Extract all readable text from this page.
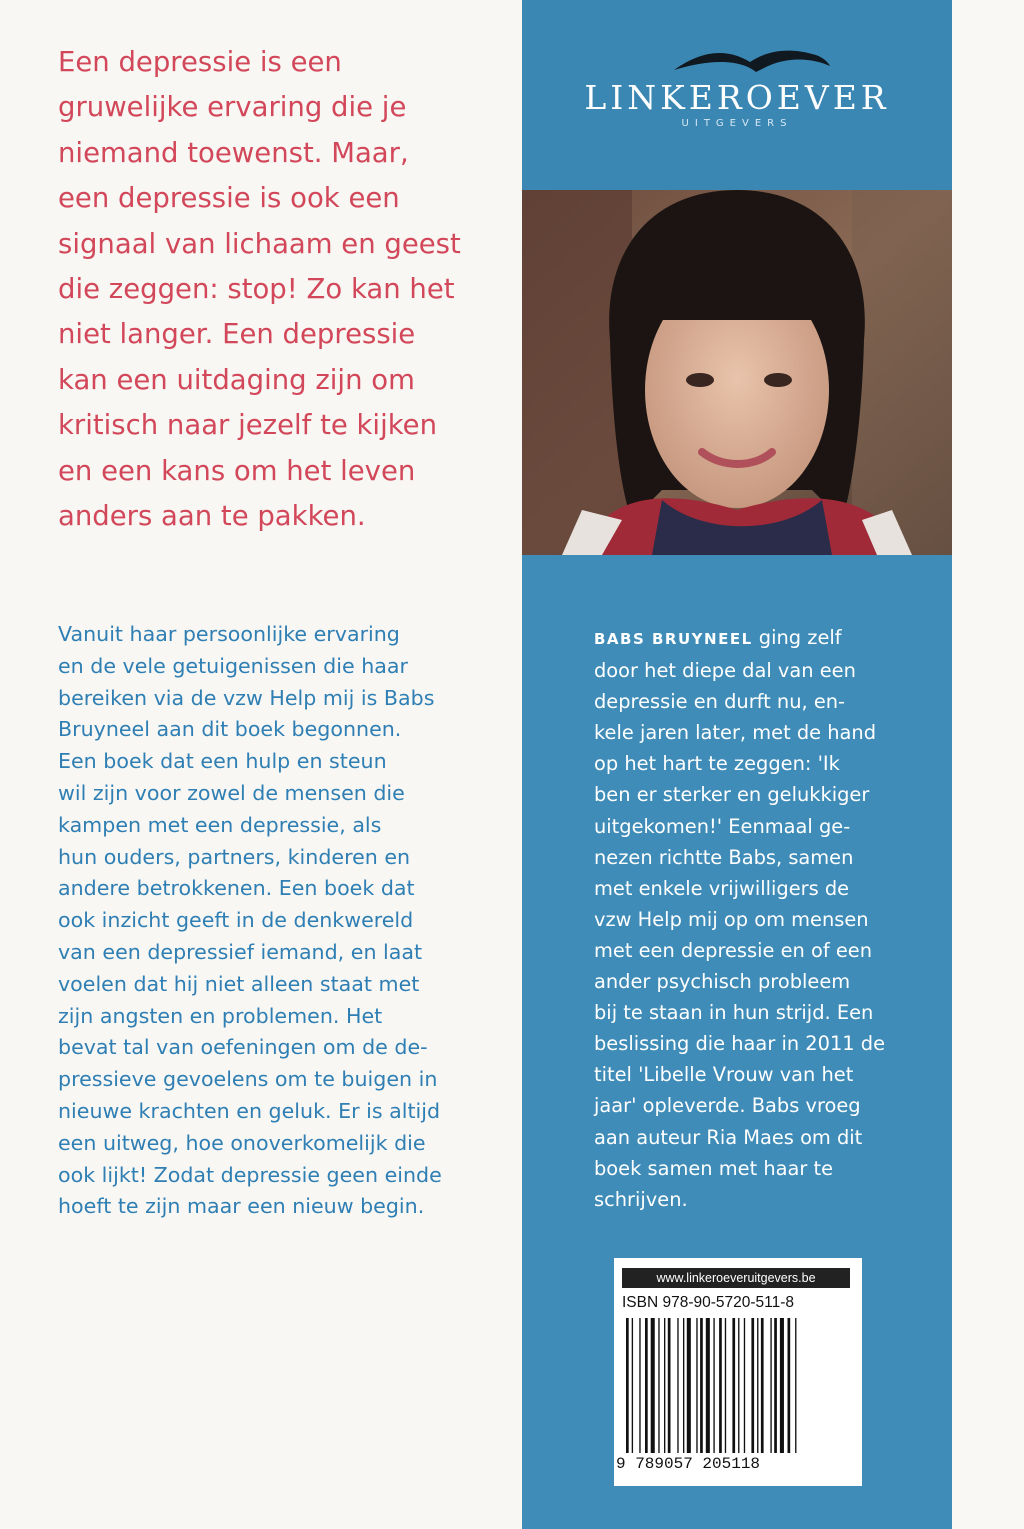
Een depressie is een
gruwelijke ervaring die je
niemand toewenst. Maar,
een depressie is ook een
signaal van lichaam en geest
die zeggen: stop! Zo kan het
niet langer. Een depressie
kan een uitdaging zijn om
kritisch naar jezelf te kijken
en een kans om het leven
anders aan te pakken.

Vanuit haar persoonlijke ervaring
en de vele getuigenissen die haar
bereiken via de vzw Help mij is Babs
Bruyneel aan dit boek begonnen.
Een boek dat een hulp en steun
wil zijn voor zowel de mensen die
kampen met een depressie, als
hun ouders, partners, kinderen en
andere betrokkenen. Een boek dat
ook inzicht geeft in de denkwereld
van een depressief iemand, en laat
voelen dat hij niet alleen staat met
zijn angsten en problemen. Het
bevat tal van oefeningen om de de-
pressieve gevoelens om te buigen in
nieuwe krachten en geluk. Er is altijd
een uitweg, hoe onoverkomelijk die
ook lijkt! Zodat depressie geen einde
hoeft te zijn maar een nieuw begin.

LINKEROEVER
UITGEVERS

BABS BRUYNEEL ging zelf
door het diepe dal van een
depressie en durft nu, en-
kele jaren later, met de hand
op het hart te zeggen: 'Ik
ben er sterker en gelukkiger
uitgekomen!' Eenmaal ge-
nezen richtte Babs, samen
met enkele vrijwilligers de
vzw Help mij op om mensen
met een depressie en of een
ander psychisch probleem
bij te staan in hun strijd. Een
beslissing die haar in 2011 de
titel 'Libelle Vrouw van het
jaar' opleverde. Babs vroeg
aan auteur Ria Maes om dit
boek samen met haar te
schrijven.

www.linkeroeveruitgevers.be
ISBN 978-90-5720-511-8
9 789057 205118
